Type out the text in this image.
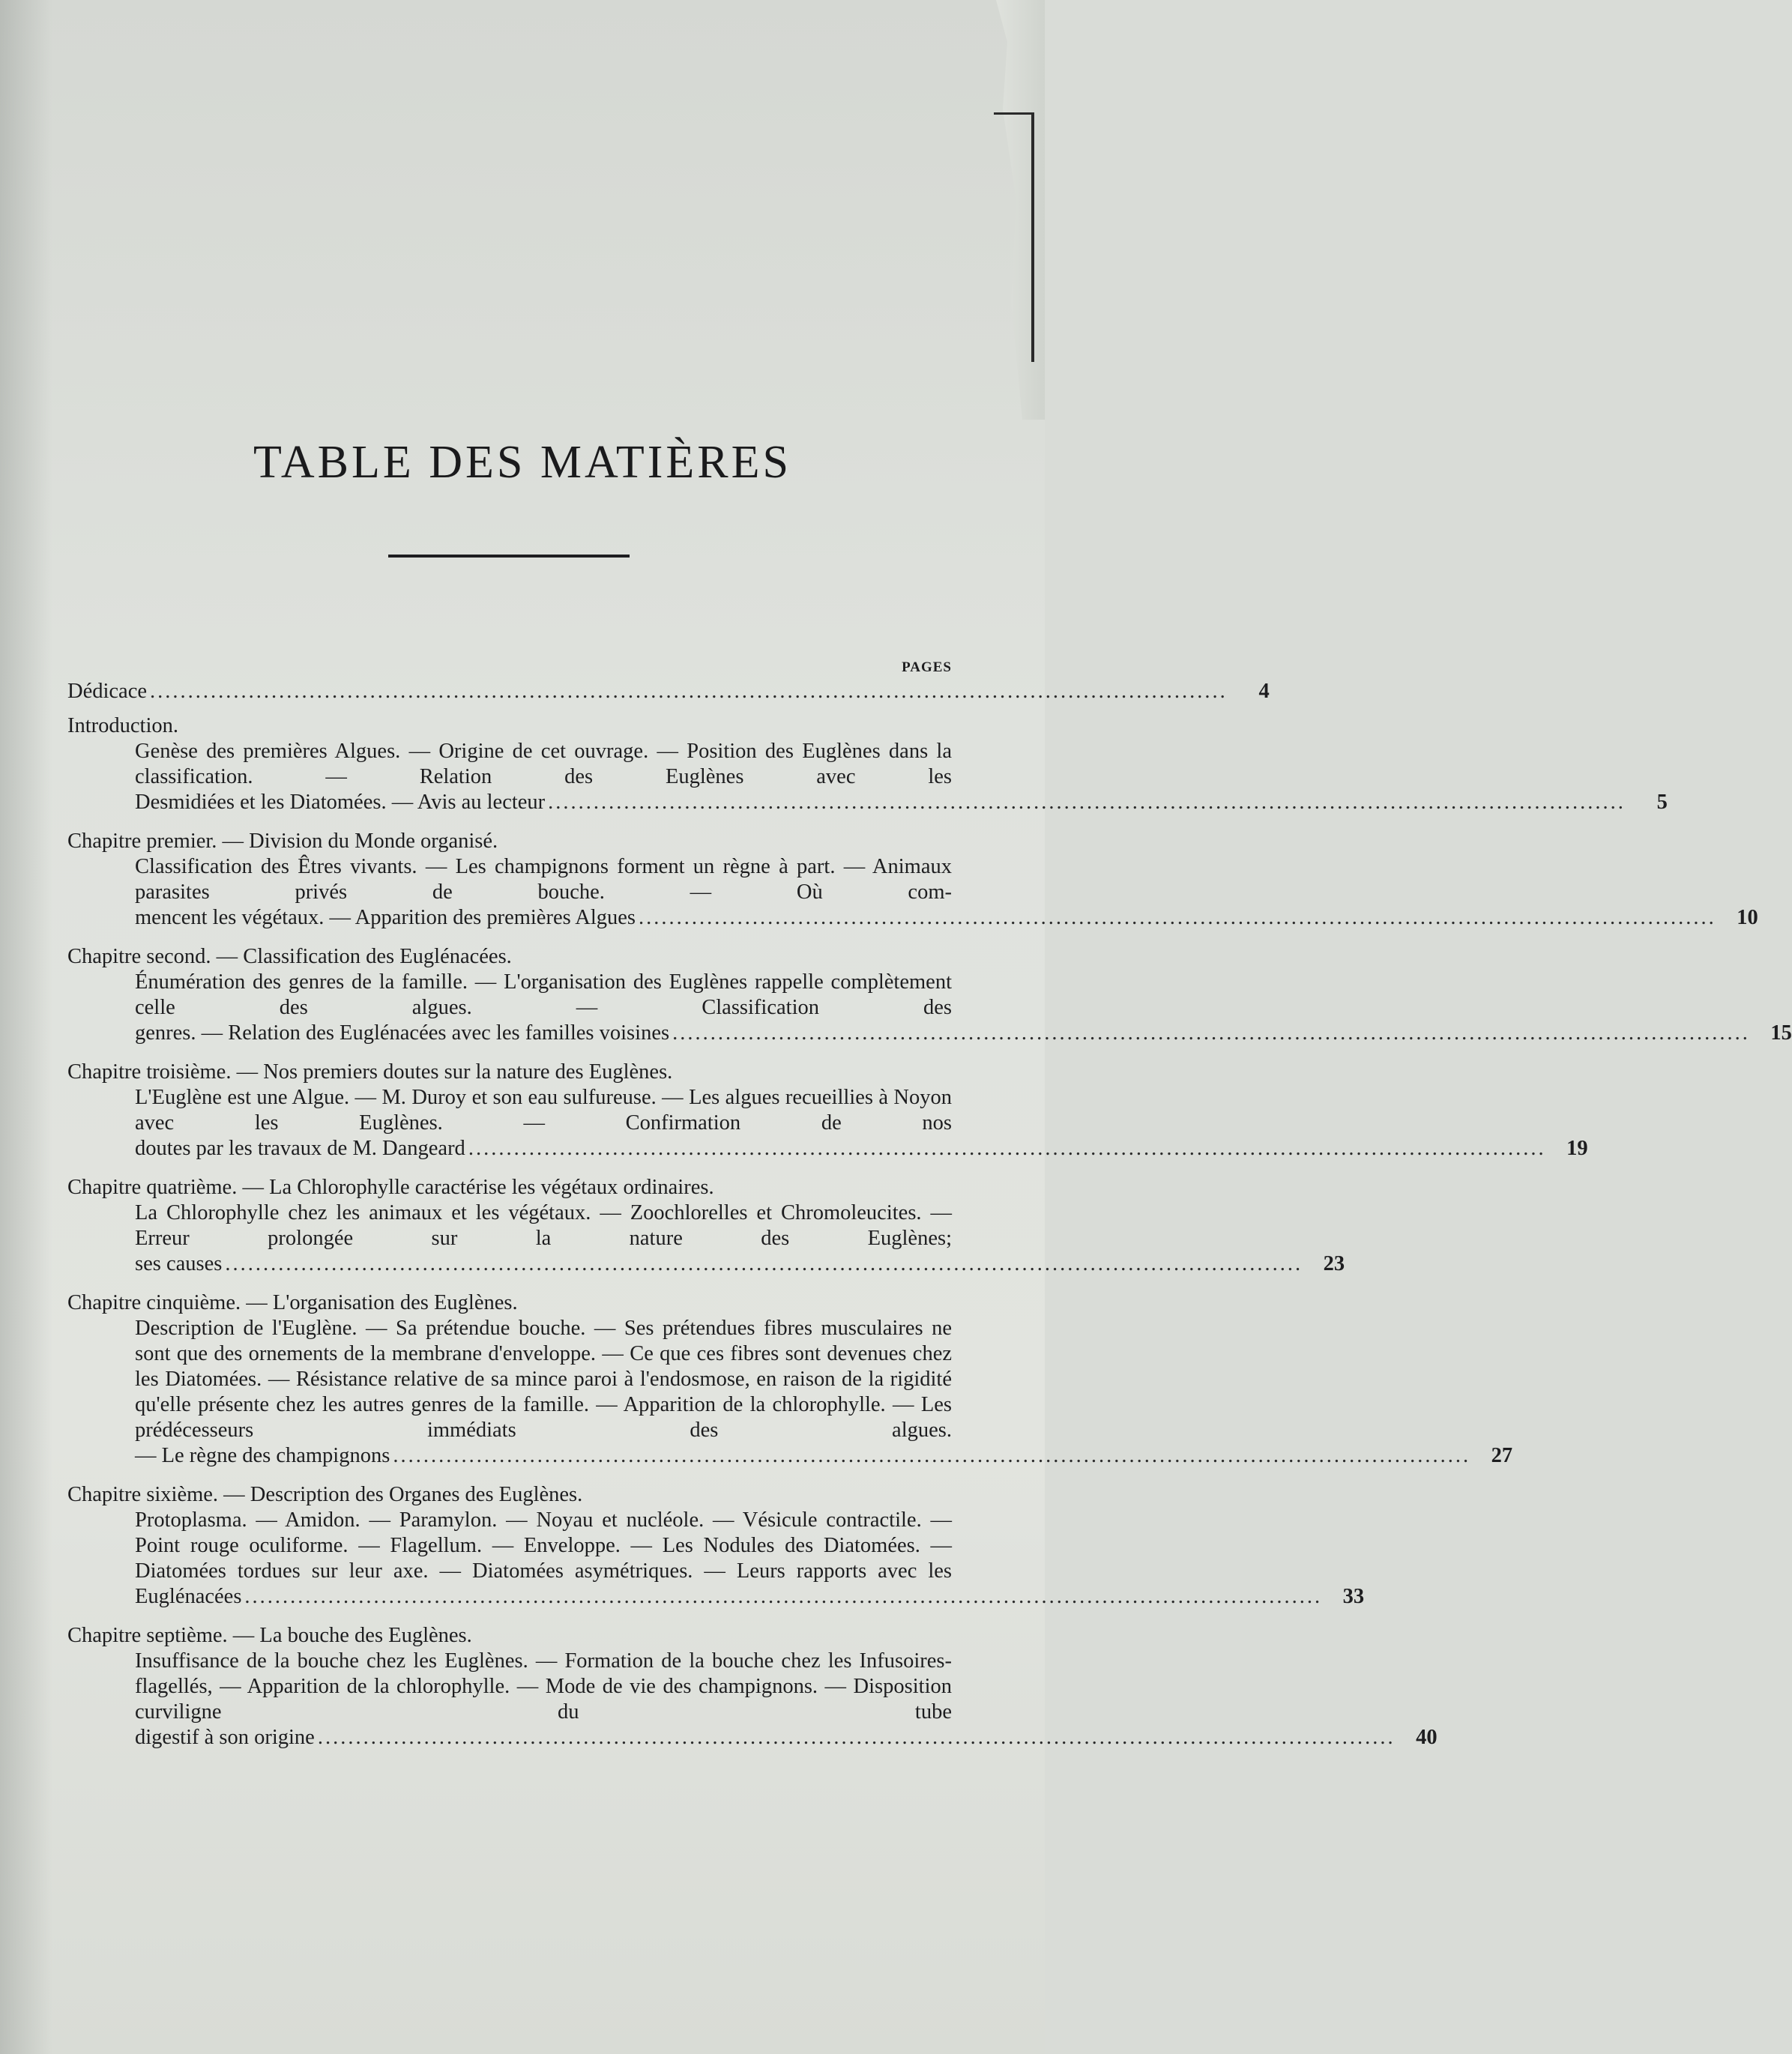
TABLE DES MATIÈRES
PAGES
Dédicace ..............................................................................................................................................	4
Introduction.
Genèse des premières Algues. — Origine de cet ouvrage. — Position des Euglènes dans la classification. — Relation des Euglènes avec les
Desmidiées et les Diatomées. — Avis au lecteur ..............................................................................................................................................	5
Chapitre premier. — Division du Monde organisé.
Classification des Êtres vivants. — Les champignons forment un règne à part. — Animaux parasites privés de bouche. — Où com-
mencent les végétaux. — Apparition des premières Algues .............................................................................................................................................. 10
Chapitre second. — Classification des Euglénacées.
Énumération des genres de la famille. — L'organisation des Euglènes rappelle complètement celle des algues. — Classification des
genres. — Relation des Euglénacées avec les familles voisines .............................................................................................................................................. 15
Chapitre troisième. — Nos premiers doutes sur la nature des Euglènes.
L'Euglène est une Algue. — M. Duroy et son eau sulfureuse. — Les algues recueillies à Noyon avec les Euglènes. — Confirmation de nos
doutes par les travaux de M. Dangeard .............................................................................................................................................. 19
Chapitre quatrième. — La Chlorophylle caractérise les végétaux ordinaires.
La Chlorophylle chez les animaux et les végétaux. — Zoochlorelles et Chromoleucites. — Erreur prolongée sur la nature des Euglènes;
ses causes .............................................................................................................................................. 23
Chapitre cinquième. — L'organisation des Euglènes.
Description de l'Euglène. — Sa prétendue bouche. — Ses prétendues fibres musculaires ne sont que des ornements de la membrane d'enveloppe. — Ce que ces fibres sont devenues chez les Diatomées. — Résistance relative de sa mince paroi à l'endosmose, en raison de la rigidité qu'elle présente chez les autres genres de la famille. — Apparition de la chlorophylle. — Les prédécesseurs immédiats des algues.
— Le règne des champignons .............................................................................................................................................. 27
Chapitre sixième. — Description des Organes des Euglènes.
Protoplasma. — Amidon. — Paramylon. — Noyau et nucléole. — Vésicule contractile. — Point rouge oculiforme. — Flagellum. — Enveloppe. — Les Nodules des Diatomées. — Diatomées tordues sur leur axe. — Diatomées asymétriques. — Leurs rapports avec les
Euglénacées .............................................................................................................................................. 33
Chapitre septième. — La bouche des Euglènes.
Insuffisance de la bouche chez les Euglènes. — Formation de la bouche chez les Infusoires-flagellés, — Apparition de la chlorophylle. — Mode de vie des champignons. — Disposition curviligne du tube
digestif à son origine .............................................................................................................................................. 40
